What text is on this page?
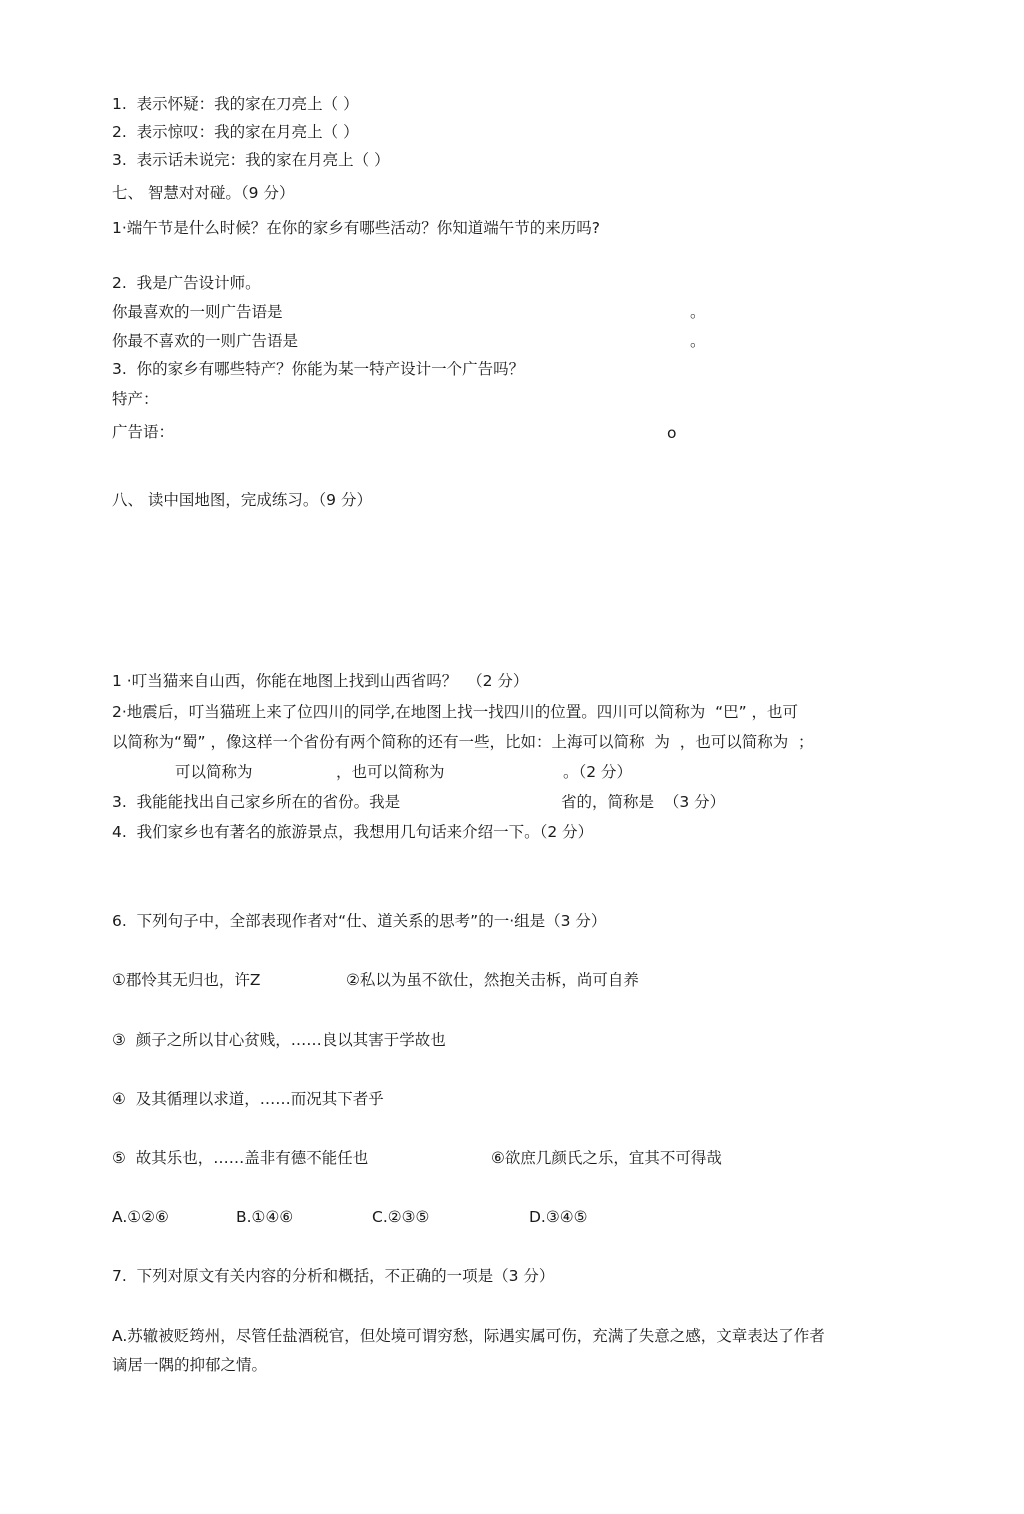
1.  表示怀疑：我的家在刀亮上（ ）
2.  表示惊叹：我的家在月亮上（ ）
3.  表示话未说完：我的家在月亮上（ ）
七、 智慧对对碰。（9 分）
1·端午节是什么时候？在你的家乡有哪些活动？你知道端午节的来历吗?
2.  我是广告设计师。
你最喜欢的一则广告语是	。
你最不喜欢的一则广告语是	。
3.  你的家乡有哪些特产？你能为某一特产设计一个广告吗？
特产：
广告语：	o
八、 读中国地图，完成练习。（9 分）
1 ·叮当猫来自山西，你能在地图上找到山西省吗？  （2 分）
2·地震后，叮当猫班上来了位四川的同学,在地图上找一找四川的位置。四川可以简称为  “巴” ，也可
以简称为“蜀” ，像这样一个省份有两个简称的还有一些，比如：上海可以简称  为  ，也可以简称为  ；
可以简称为	，也可以简称为	。（2 分）
3.  我能能找出自己家乡所在的省份。我是	省的，简称是  （3 分）
4.  我们家乡也有著名的旅游景点，我想用几句话来介绍一下。（2 分）
6.  下列句子中，全部表现作者对“仕、道关系的思考”的一·组是（3 分）
①郡怜其无归也，许Z	②私以为虽不欲仕，然抱关击柝，尚可自养
③  颜子之所以甘心贫贱，……良以其害于学故也
④  及其循理以求道，……而况其下者乎
⑤  故其乐也，……盖非有德不能任也	⑥欲庶几颜氏之乐，宜其不可得哉
A.①②⑥	B.①④⑥	C.②③⑤	D.③④⑤
7.  下列对原文有关内容的分析和概括，不正确的一项是（3 分）
A.苏辙被贬筠州，尽管任盐酒税官，但处境可谓穷愁，际遇实属可伤，充满了失意之感，文章表达了作者
谪居一隅的抑郁之情。
